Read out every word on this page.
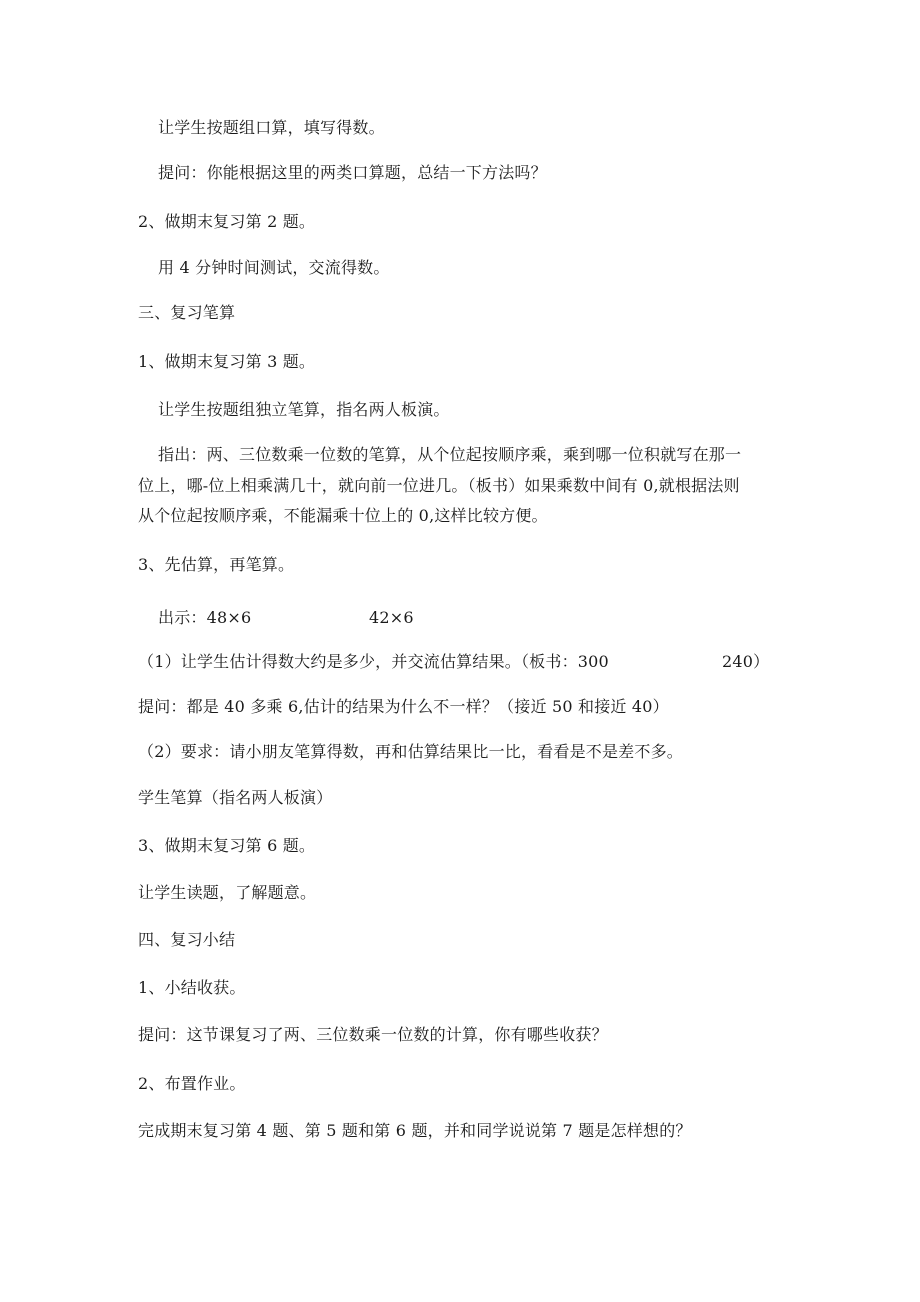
让学生按题组口算，填写得数。
提问：你能根据这里的两类口算题，总结一下方法吗？
2、做期末复习第 2 题。
用 4 分钟时间测试，交流得数。
三、复习笔算
1、做期末复习第 3 题。
让学生按题组独立笔算，指名两人板演。
指出：两、三位数乘一位数的笔算，从个位起按顺序乘，乘到哪一位积就写在那一
位上，哪-位上相乘满几十，就向前一位进几。（板书）如果乘数中间有 0,就根据法则
从个位起按顺序乘，不能漏乘十位上的 0,这样比较方便。
3、先估算，再笔算。
出示：48×6	42×6
（1）让学生估计得数大约是多少，并交流估算结果。（板书：300	240）
提问：都是 40 多乘 6,估计的结果为什么不一样？（接近 50 和接近 40）
（2）要求：请小朋友笔算得数，再和估算结果比一比，看看是不是差不多。
学生笔算（指名两人板演）
3、做期末复习第 6 题。
让学生读题，了解题意。
四、复习小结
1、小结收获。
提问：这节课复习了两、三位数乘一位数的计算，你有哪些收获？
2、布置作业。
完成期末复习第 4 题、第 5 题和第 6 题，并和同学说说第 7 题是怎样想的？
